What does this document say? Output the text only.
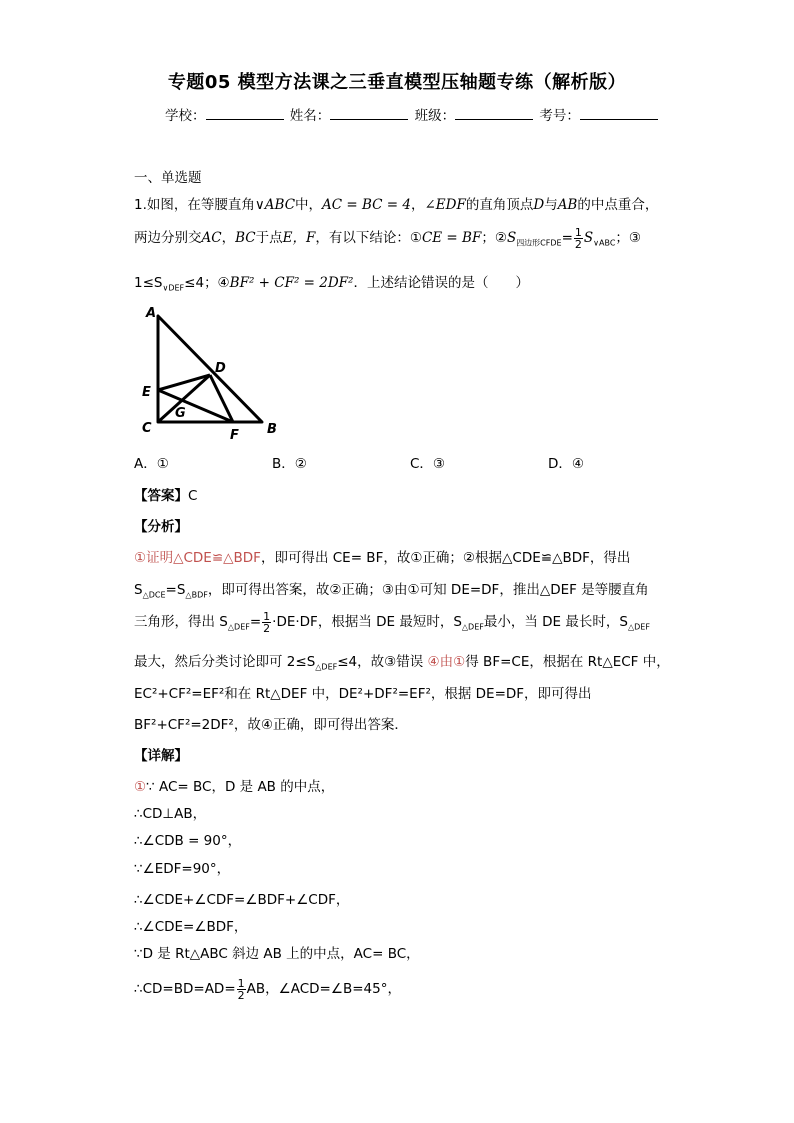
专题05 模型方法课之三垂直模型压轴题专练（解析版）
学校：	姓名：	班级：	考号：
一、单选题
1.如图，在等腰直角∨ABC中，AC = BC = 4，∠EDF的直角顶点D与AB的中点重合，
两边分别交AC，BC于点E，F，有以下结论：①CE = BF；$②S_{四边形CFDE}= \frac{1}{2} S_{\vee ABC}$；③
$1\le S_{\vee DEF}\le 4$；④BF² + CF² = 2DF²．上述结论错误的是（　　）
A
B
C
D
E
F
G
A．①	B．②	C．③	D．④
【答案】C
【分析】
①证明△CDE≌△BDF，即可得出 CE= BF，故①正确；②根据△CDE≌△BDF，得出
$S_{\triangle DCE}=S_{\triangle BDF}$，即可得出答案，故②正确；③由①可知 DE=DF，推出△DEF 是等腰直角
三角形，得出 $S_{\triangle DEF}= \frac{1}{2} \cdot DE\cdot DF$，根据当 DE 最短时，$S_{\triangle DEF}$最小，当 DE 最长时，$S_{\triangle DEF}$
最大，然后分类讨论即可 $2\le S_{\triangle DEF}\le 4$，故③错误 ④由①得 BF=CE，根据在 Rt△ECF 中，
EC²+CF²=EF²和在 Rt△DEF 中，DE²+DF²=EF²，根据 DE=DF，即可得出
BF²+CF²=2DF²，故④正确，即可得出答案．
【详解】
①∵ AC= BC，D 是 AB 的中点，
∴CD⊥AB，
∴∠CDB = 90°，
∵∠EDF=90°，
∴∠CDE+∠CDF=∠BDF+∠CDF，
∴∠CDE=∠BDF，
∵D 是 Rt△ABC 斜边 AB 上的中点，AC= BC，
∴CD=BD=AD= $\frac{1}{2}$ AB，∠ACD=∠B=45°，
